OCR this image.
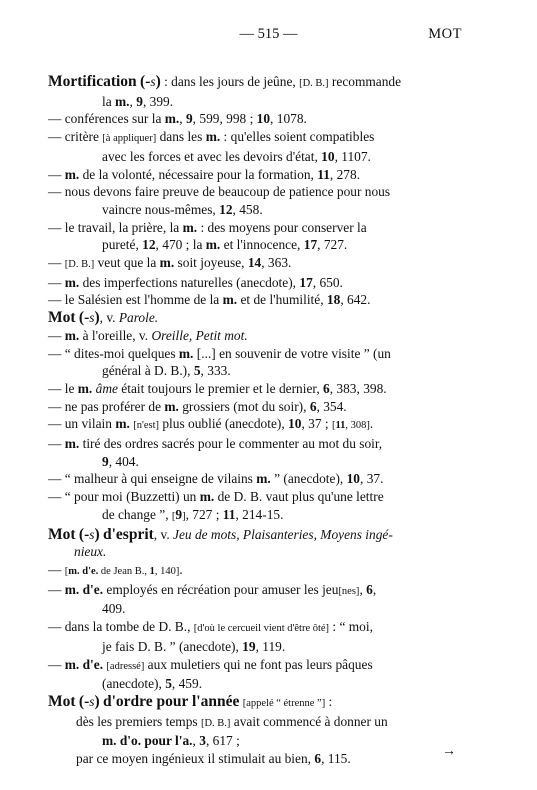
— 515 —	MOT
Mortification (-s) : dans les jours de jeûne, [D. B.] recommande
la m., 9, 399.
— conférences sur la m., 9, 599, 998 ; 10, 1078.
— critère [à appliquer] dans les m. : qu'elles soient compatibles
avec les forces et avec les devoirs d'état, 10, 1107.
— m. de la volonté, nécessaire pour la formation, 11, 278.
— nous devons faire preuve de beaucoup de patience pour nous
vaincre nous-mêmes, 12, 458.
— le travail, la prière, la m. : des moyens pour conserver la
pureté, 12, 470 ; la m. et l'innocence, 17, 727.
— [D. B.] veut que la m. soit joyeuse, 14, 363.
— m. des imperfections naturelles (anecdote), 17, 650.
— le Salésien est l'homme de la m. et de l'humilité, 18, 642.
Mot (-s), v. Parole.
— m. à l'oreille, v. Oreille, Petit mot.
— “ dites-moi quelques m. [...] en souvenir de votre visite ” (un
général à D. B.), 5, 333.
— le m. âme était toujours le premier et le dernier, 6, 383, 398.
— ne pas proférer de m. grossiers (mot du soir), 6, 354.
— un vilain m. [n'est] plus oublié (anecdote), 10, 37 ; [11, 308].
— m. tiré des ordres sacrés pour le commenter au mot du soir,
9, 404.
— “ malheur à qui enseigne de vilains m. ” (anecdote), 10, 37.
— “ pour moi (Buzzetti) un m. de D. B. vaut plus qu'une lettre
de change ”, [9], 727 ; 11, 214-15.
Mot (-s) d'esprit, v. Jeu de mots, Plaisanteries, Moyens ingé-
nieux.
— [m. d'e. de Jean B., 1, 140].
— m. d'e. employés en récréation pour amuser les jeu[nes], 6,
409.
— dans la tombe de D. B., [d'où le cercueil vient d'être ôté] : “ moi,
je fais D. B. ” (anecdote), 19, 119.
— m. d'e. [adressé] aux muletiers qui ne font pas leurs pâques
(anecdote), 5, 459.
Mot (-s) d'ordre pour l'année [appelé “ étrenne ”] :
dès les premiers temps [D. B.] avait commencé à donner un
m. d'o. pour l'a., 3, 617 ;
par ce moyen ingénieux il stimulait au bien, 6, 115.	→
